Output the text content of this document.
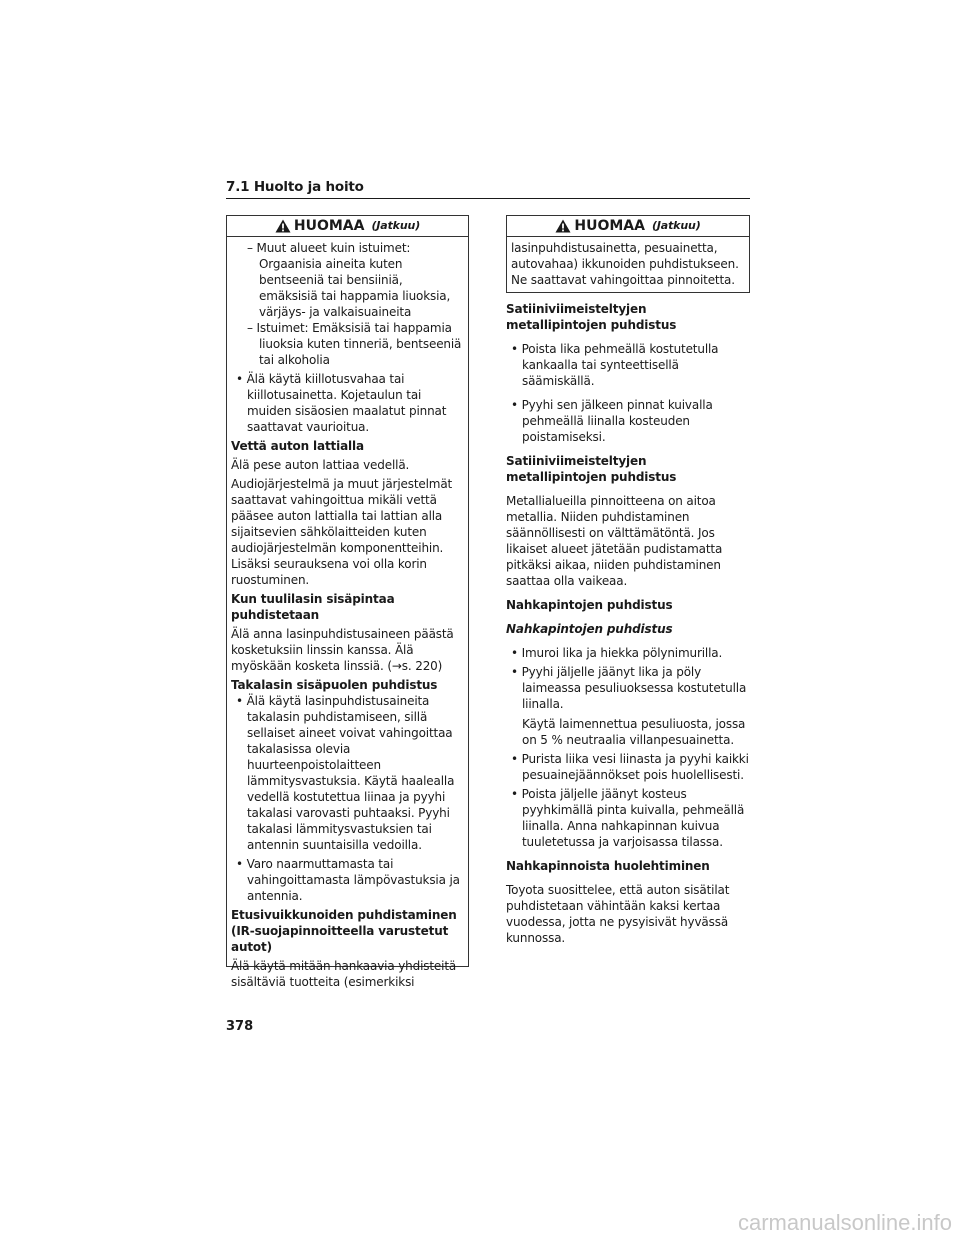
7.1 Huolto ja hoito
HUOMAA (Jatkuu)

– Muut alueet kuin istuimet: Orgaanisia aineita kuten bentseeniä tai bensiiniä, emäksisiä tai happamia liuoksia, värjäys- ja valkaisuaineita

– Istuimet: Emäksisiä tai happamia liuoksia kuten tinneriä, bentseeniä tai alkoholia

• Älä käytä kiillotusvahaa tai kiillotusainetta. Kojetaulun tai muiden sisäosien maalatut pinnat saattavat vaurioitua.

Vettä auton lattialla

Älä pese auton lattiaa vedellä.

Audiojärjestelmä ja muut järjestelmät saattavat vahingoittua mikäli vettä pääsee auton lattialla tai lattian alla sijaitsevien sähkölaitteiden kuten audiojärjestelmän komponentteihin. Lisäksi seurauksena voi olla korin ruostuminen.

Kun tuulilasin sisäpintaa puhdistetaan

Älä anna lasinpuhdistusaineen päästä kosketuksiin linssin kanssa. Älä myöskään kosketa linssiä. (→s. 220)

Takalasin sisäpuolen puhdistus

• Älä käytä lasinpuhdistusaineita takalasin puhdistamiseen, sillä sellaiset aineet voivat vahingoittaa takalasissa olevia huurteenpoistolaitteen lämmitysvastuksia. Käytä haalealla vedellä kostutettua liinaa ja pyyhi takalasi varovasti puhtaaksi. Pyyhi takalasi lämmitysvastuksien tai antennin suuntaisilla vedoilla.

• Varo naarmuttamasta tai vahingoittamasta lämpövastuksia ja antennia.

Etusivuikkunoiden puhdistaminen (IR-suojapinnoitteella varustetut autot)

Älä käytä mitään hankaavia yhdisteitä sisältäviä tuotteita (esimerkiksi

HUOMAA (Jatkuu)

lasinpuhdistusainetta, pesuainetta, autovahaa) ikkunoiden puhdistukseen. Ne saattavat vahingoittaa pinnoitetta.

Satiiniviimeisteltyjen metallipintojen puhdistus

• Poista lika pehmeällä kostutetulla kankaalla tai synteettisellä säämiskällä.

• Pyyhi sen jälkeen pinnat kuivalla pehmeällä liinalla kosteuden poistamiseksi.

Satiiniviimeisteltyjen metallipintojen puhdistus

Metallialueilla pinnoitteena on aitoa metallia. Niiden puhdistaminen säännöllisesti on välttämätöntä. Jos likaiset alueet jätetään pudistamatta pitkäksi aikaa, niiden puhdistaminen saattaa olla vaikeaa.

Nahkapintojen puhdistus

Nahkapintojen puhdistus

• Imuroi lika ja hiekka pölynimurilla.

• Pyyhi jäljelle jäänyt lika ja pöly laimeassa pesuliuoksessa kostutetulla liinalla.

Käytä laimennettua pesuliuosta, jossa on 5 % neutraalia villanpesuainetta.

• Purista liika vesi liinasta ja pyyhi kaikki pesuainejäännökset pois huolellisesti.

• Poista jäljelle jäänyt kosteus pyyhkimällä pinta kuivalla, pehmeällä liinalla. Anna nahkapinnan kuivua tuuletetussa ja varjoisassa tilassa.

Nahkapinnoista huolehtiminen

Toyota suosittelee, että auton sisätilat puhdistetaan vähintään kaksi kertaa vuodessa, jotta ne pysyisivät hyvässä kunnossa.

378
carmanualsonline.info
